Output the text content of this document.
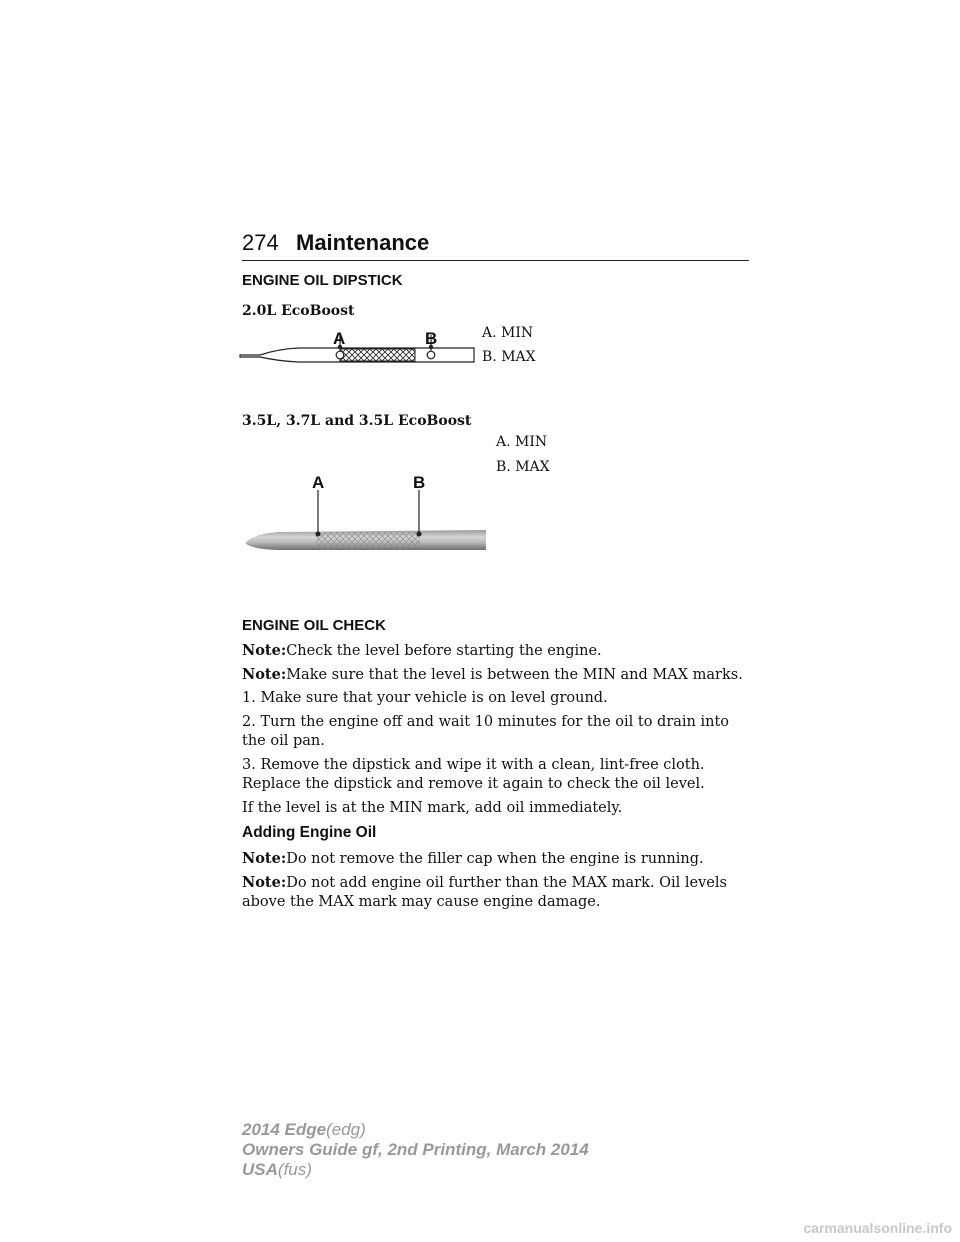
274 Maintenance
ENGINE OIL DIPSTICK
2.0L EcoBoost
A. MIN
B. MAX
A	B
3.5L, 3.7L and 3.5L EcoBoost
A. MIN
B. MAX
A	B
ENGINE OIL CHECK
Note:Check the level before starting the engine.
Note:Make sure that the level is between the MIN and MAX marks.
1. Make sure that your vehicle is on level ground.
2. Turn the engine off and wait 10 minutes for the oil to drain into the oil pan.
3. Remove the dipstick and wipe it with a clean, lint-free cloth. Replace the dipstick and remove it again to check the oil level.
If the level is at the MIN mark, add oil immediately.
Adding Engine Oil
Note:Do not remove the filler cap when the engine is running.
Note:Do not add engine oil further than the MAX mark. Oil levels above the MAX mark may cause engine damage.
2014 Edge(edg)
Owners Guide gf, 2nd Printing, March 2014
USA(fus)
carmanualsonline.info
